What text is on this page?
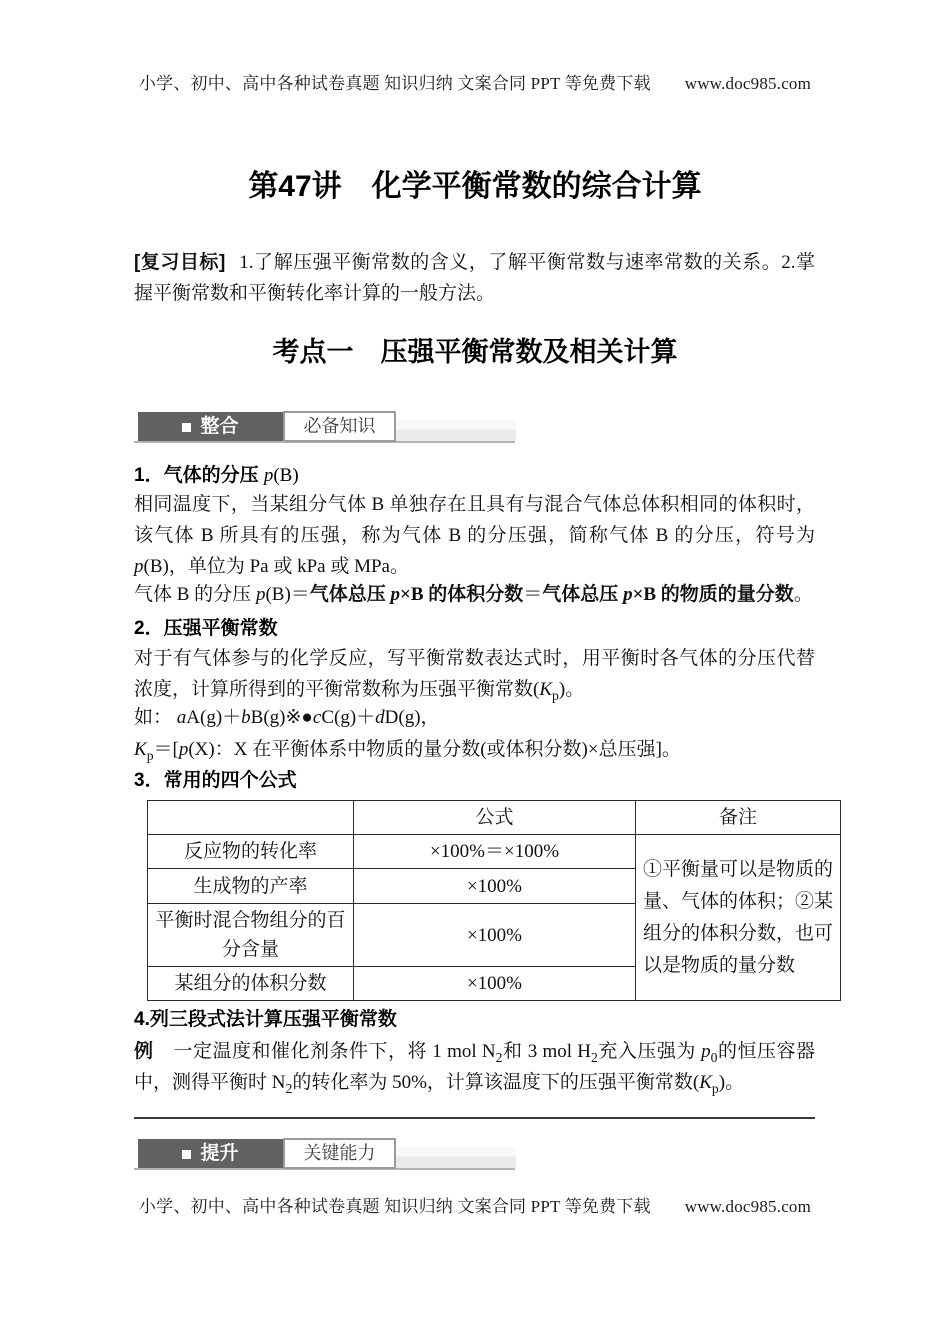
小学、初中、高中各种试卷真题 知识归纳 文案合同 PPT 等免费下载 www.doc985.com
第47讲　化学平衡常数的综合计算
[复习目标] 1.了解压强平衡常数的含义，了解平衡常数与速率常数的关系。2.掌握平衡常数和平衡转化率计算的一般方法。
考点一　压强平衡常数及相关计算
整合	必备知识
1．气体的分压 p(B)
相同温度下，当某组分气体 B 单独存在且具有与混合气体总体积相同的体积时，该气体 B 所具有的压强，称为气体 B 的分压强，简称气体 B 的分压，符号为 p(B)，单位为 Pa 或 kPa 或 MPa。
气体 B 的分压 p(B)＝气体总压 p×B 的体积分数＝气体总压 p×B 的物质的量分数。
2．压强平衡常数
对于有气体参与的化学反应，写平衡常数表达式时，用平衡时各气体的分压代替浓度，计算所得到的平衡常数称为压强平衡常数$(K_p)$。
如： aA(g)＋bB(g)※●cC(g)＋dD(g)，
$K_p=[p(X)$：X 在平衡体系中物质的量分数(或体积分数)×总压强]。
3．常用的四个公式
	公式	备注
反应物的转化率	×100%＝×100%	①平衡量可以是物质的量、气体的体积；②某组分的体积分数，也可以是物质的量分数
生成物的产率	×100%	
平衡时混合物组分的百分含量	×100%	
某组分的体积分数	×100%	
4.列三段式法计算压强平衡常数
例 一定温度和催化剂条件下，将 1 mol $N_2$和 3 mol $H_2$充入压强为 $p_0$的恒压容器中，测得平衡时 $N_2$的转化率为 50%，计算该温度下的压强平衡常数$(K_p)$。
提升	关键能力
小学、初中、高中各种试卷真题 知识归纳 文案合同 PPT 等免费下载 www.doc985.com
